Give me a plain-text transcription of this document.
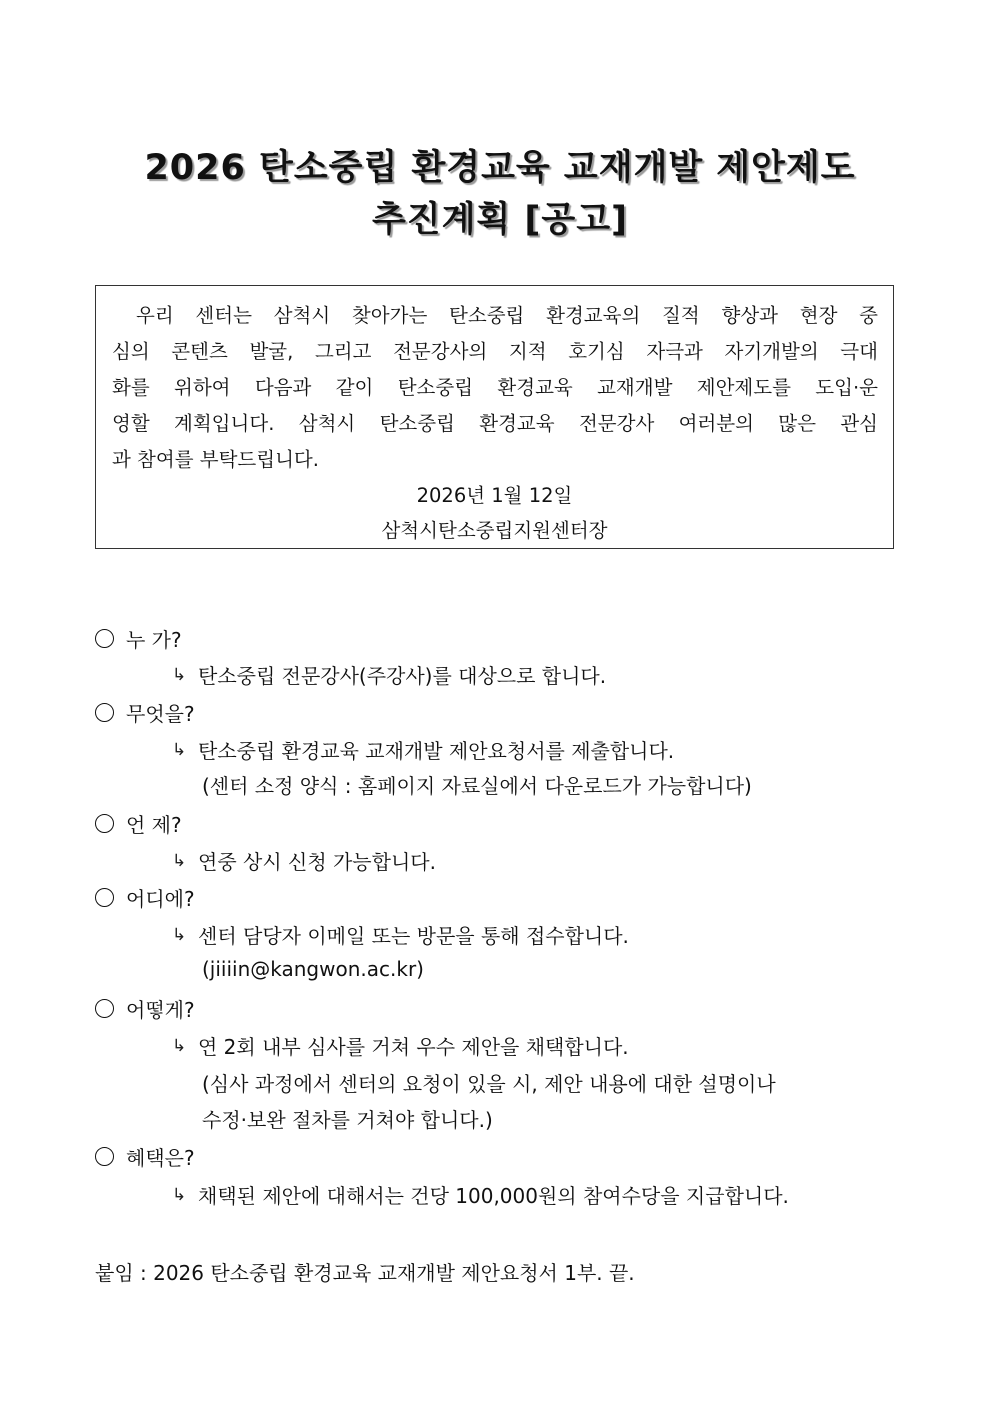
2026 탄소중립 환경교육 교재개발 제안제도
추진계획 [공고]
우리 센터는 삼척시 찾아가는 탄소중립 환경교육의 질적 향상과 현장 중
심의 콘텐츠 발굴, 그리고 전문강사의 지적 호기심 자극과 자기개발의 극대
화를 위하여 다음과 같이 탄소중립 환경교육 교재개발 제안제도를 도입·운
영할 계획입니다. 삼척시 탄소중립 환경교육 전문강사 여러분의 많은 관심
과 참여를 부탁드립니다.
2026년 1월 12일
삼척시탄소중립지원센터장
누 가?
↳ 탄소중립 전문강사(주강사)를 대상으로 합니다.
무엇을?
↳ 탄소중립 환경교육 교재개발 제안요청서를 제출합니다.
(센터 소정 양식 : 홈페이지 자료실에서 다운로드가 가능합니다)
언 제?
↳ 연중 상시 신청 가능합니다.
어디에?
↳ 센터 담당자 이메일 또는 방문을 통해 접수합니다.
(jiiiin@kangwon.ac.kr)
어떻게?
↳ 연 2회 내부 심사를 거쳐 우수 제안을 채택합니다.
(심사 과정에서 센터의 요청이 있을 시, 제안 내용에 대한 설명이나
수정·보완 절차를 거쳐야 합니다.)
혜택은?
↳ 채택된 제안에 대해서는 건당 100,000원의 참여수당을 지급합니다.
붙임 : 2026 탄소중립 환경교육 교재개발 제안요청서 1부. 끝.
